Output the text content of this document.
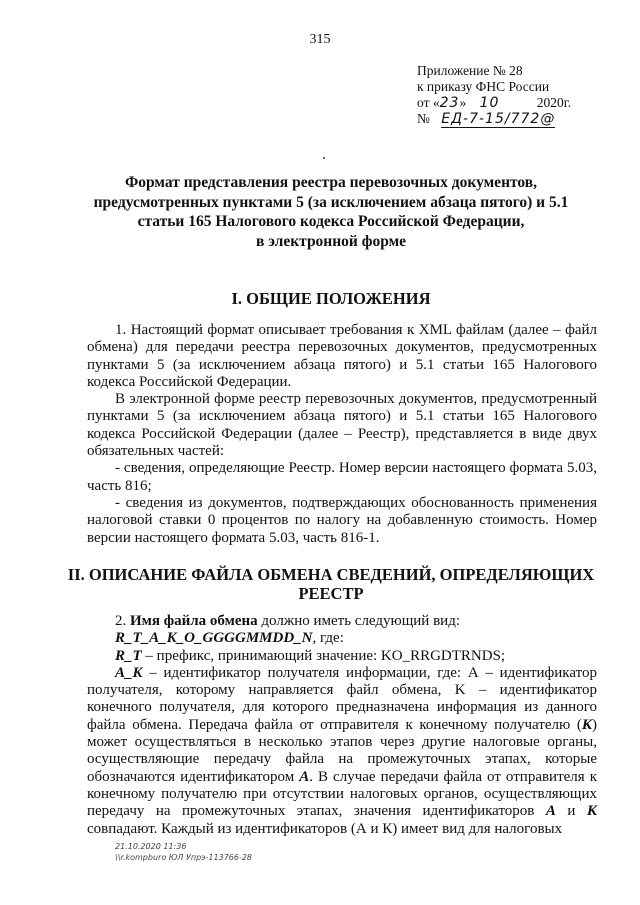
315
Приложение № 28
к приказу ФНС России
от «23» 10	2020г.
№ ЕД-7-15/772@
Формат представления реестра перевозочных документов,
предусмотренных пунктами 5 (за исключением абзаца пятого) и 5.1
статьи 165 Налогового кодекса Российской Федерации,
в электронной форме
I. ОБЩИЕ ПОЛОЖЕНИЯ

1. Настоящий формат описывает требования к XML файлам (далее – файл обмена) для передачи реестра перевозочных документов, предусмотренных пунктами 5 (за исключением абзаца пятого) и 5.1 статьи 165 Налогового кодекса Российской Федерации.

В электронной форме реестр перевозочных документов, предусмотренный пунктами 5 (за исключением абзаца пятого) и 5.1 статьи 165 Налогового кодекса Российской Федерации (далее – Реестр), представляется в виде двух обязательных частей:

- сведения, определяющие Реестр. Номер версии настоящего формата 5.03, часть 816;

- сведения из документов, подтверждающих обоснованность применения налоговой ставки 0 процентов по налогу на добавленную стоимость. Номер версии настоящего формата 5.03, часть 816-1.

II. ОПИСАНИЕ ФАЙЛА ОБМЕНА СВЕДЕНИЙ, ОПРЕДЕЛЯЮЩИХ
РЕЕСТР

2. Имя файла обмена должно иметь следующий вид:

R_T_A_K_O_GGGGMMDD_N, где:

R_T – префикс, принимающий значение: KO_RRGDTRNDS;

A_K – идентификатор получателя информации, где: А – идентификатор получателя, которому направляется файл обмена, K – идентификатор конечного получателя, для которого предназначена информация из данного файла обмена. Передача файла от отправителя к конечному получателю (К) может осуществляться в несколько этапов через другие налоговые органы, осуществляющие передачу файла на промежуточных этапах, которые обозначаются идентификатором А. В случае передачи файла от отправителя к конечному получателю при отсутствии налоговых органов, осуществляющих передачу на промежуточных этапах, значения идентификаторов А и К совпадают. Каждый из идентификаторов (А и К) имеет вид для налоговых

21.10.2020 11:36
\\r.kompburo ЮЛ Упрэ-113766-28
